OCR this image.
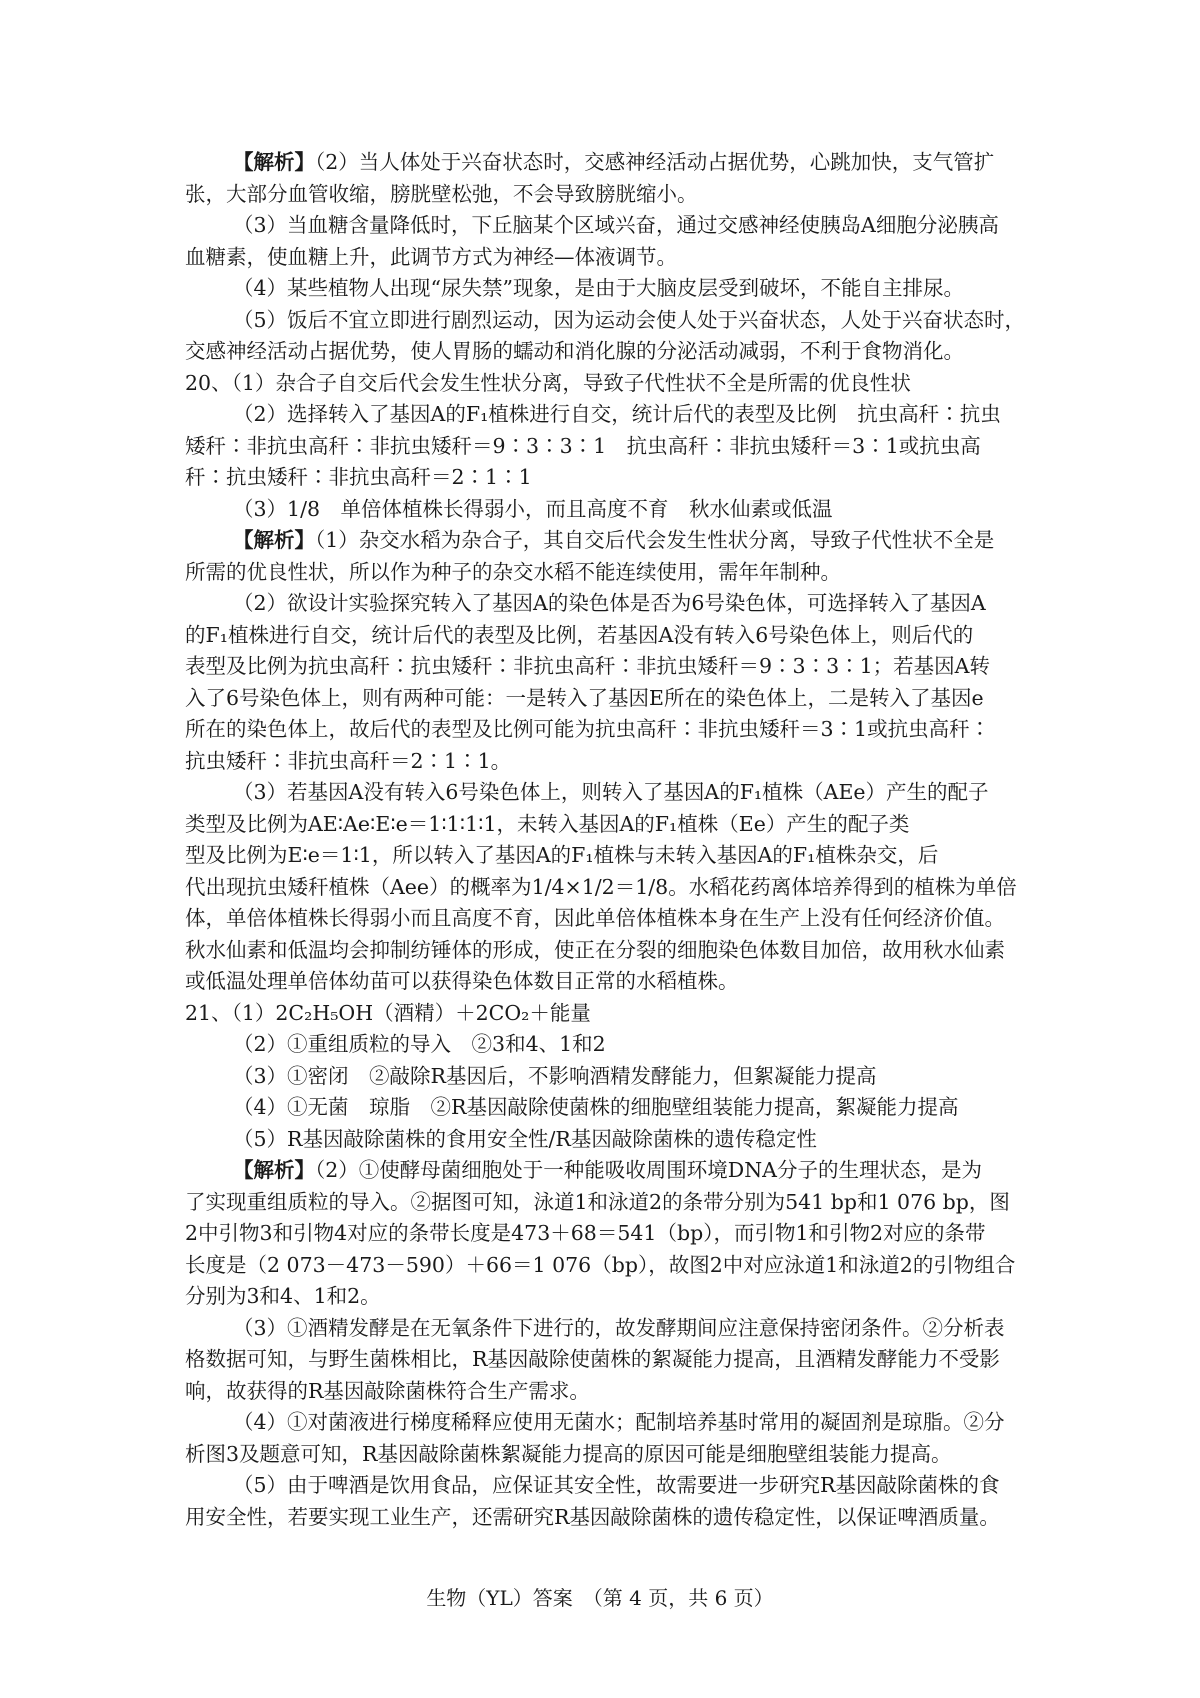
【解析】（2）当人体处于兴奋状态时，交感神经活动占据优势，心跳加快，支气管扩
张，大部分血管收缩，膀胱壁松弛，不会导致膀胱缩小。
（3）当血糖含量降低时，下丘脑某个区域兴奋，通过交感神经使胰岛A细胞分泌胰高
血糖素，使血糖上升，此调节方式为神经—体液调节。
（4）某些植物人出现“尿失禁”现象，是由于大脑皮层受到破坏，不能自主排尿。
（5）饭后不宜立即进行剧烈运动，因为运动会使人处于兴奋状态，人处于兴奋状态时，
交感神经活动占据优势，使人胃肠的蠕动和消化腺的分泌活动减弱，不利于食物消化。
20、（1）杂合子自交后代会发生性状分离，导致子代性状不全是所需的优良性状
（2）选择转入了基因A的F₁植株进行自交，统计后代的表型及比例　抗虫高秆∶抗虫
矮秆∶非抗虫高秆∶非抗虫矮秆＝9∶3∶3∶1　抗虫高秆∶非抗虫矮秆＝3∶1或抗虫高
秆∶抗虫矮秆∶非抗虫高秆＝2∶1∶1
（3）1/8　单倍体植株长得弱小，而且高度不育　秋水仙素或低温
【解析】（1）杂交水稻为杂合子，其自交后代会发生性状分离，导致子代性状不全是
所需的优良性状，所以作为种子的杂交水稻不能连续使用，需年年制种。
（2）欲设计实验探究转入了基因A的染色体是否为6号染色体，可选择转入了基因A
的F₁植株进行自交，统计后代的表型及比例，若基因A没有转入6号染色体上，则后代的
表型及比例为抗虫高秆∶抗虫矮秆∶非抗虫高秆∶非抗虫矮秆＝9∶3∶3∶1；若基因A转
入了6号染色体上，则有两种可能：一是转入了基因E所在的染色体上，二是转入了基因e
所在的染色体上，故后代的表型及比例可能为抗虫高秆∶非抗虫矮秆＝3∶1或抗虫高秆∶
抗虫矮秆∶非抗虫高秆＝2∶1∶1。
（3）若基因A没有转入6号染色体上，则转入了基因A的F₁植株（AEe）产生的配子
类型及比例为AE∶Ae∶E∶e＝1∶1∶1∶1，未转入基因A的F₁植株（Ee）产生的配子类
型及比例为E∶e＝1∶1，所以转入了基因A的F₁植株与未转入基因A的F₁植株杂交，后
代出现抗虫矮秆植株（Aee）的概率为1/4×1/2＝1/8。水稻花药离体培养得到的植株为单倍
体，单倍体植株长得弱小而且高度不育，因此单倍体植株本身在生产上没有任何经济价值。
秋水仙素和低温均会抑制纺锤体的形成，使正在分裂的细胞染色体数目加倍，故用秋水仙素
或低温处理单倍体幼苗可以获得染色体数目正常的水稻植株。
21、（1）2C₂H₅OH（酒精）＋2CO₂＋能量
（2）①重组质粒的导入　②3和4、1和2
（3）①密闭　②敲除R基因后，不影响酒精发酵能力，但絮凝能力提高
（4）①无菌　琼脂　②R基因敲除使菌株的细胞壁组装能力提高，絮凝能力提高
（5）R基因敲除菌株的食用安全性/R基因敲除菌株的遗传稳定性
【解析】（2）①使酵母菌细胞处于一种能吸收周围环境DNA分子的生理状态，是为
了实现重组质粒的导入。②据图可知，泳道1和泳道2的条带分别为541 bp和1 076 bp，图
2中引物3和引物4对应的条带长度是473＋68＝541（bp），而引物1和引物2对应的条带
长度是（2 073－473－590）＋66＝1 076（bp），故图2中对应泳道1和泳道2的引物组合
分别为3和4、1和2。
（3）①酒精发酵是在无氧条件下进行的，故发酵期间应注意保持密闭条件。②分析表
格数据可知，与野生菌株相比，R基因敲除使菌株的絮凝能力提高，且酒精发酵能力不受影
响，故获得的R基因敲除菌株符合生产需求。
（4）①对菌液进行梯度稀释应使用无菌水；配制培养基时常用的凝固剂是琼脂。②分
析图3及题意可知，R基因敲除菌株絮凝能力提高的原因可能是细胞壁组装能力提高。
（5）由于啤酒是饮用食品，应保证其安全性，故需要进一步研究R基因敲除菌株的食
用安全性，若要实现工业生产，还需研究R基因敲除菌株的遗传稳定性，以保证啤酒质量。
生物（YL）答案　（第 4 页，共 6 页）
